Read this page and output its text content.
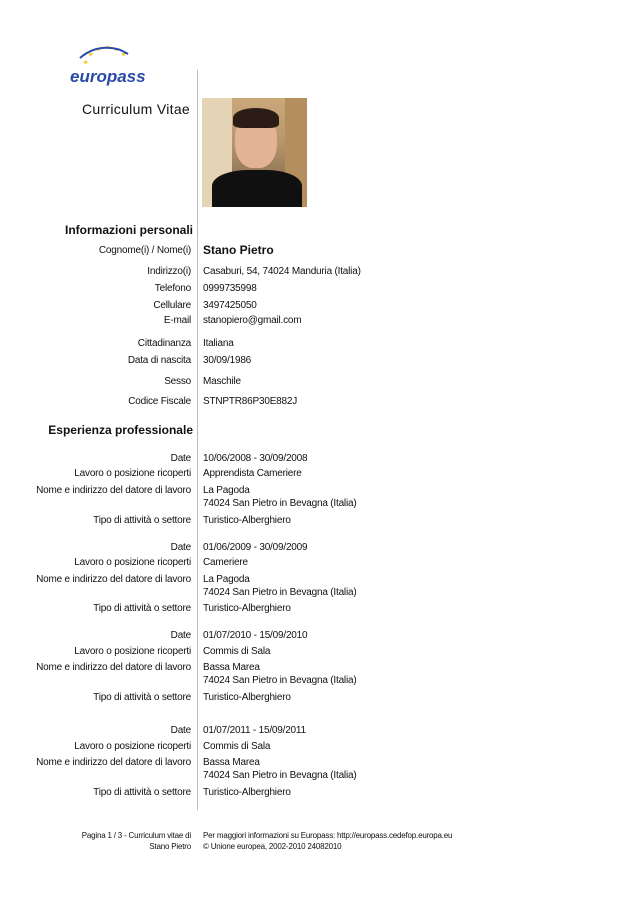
europass
Curriculum Vitae
Informazioni personali
Cognome(i) / Nome(i) Stano Pietro
Indirizzo(i) Casaburi, 54, 74024 Manduria (Italia)
Telefono 0999735998
Cellulare 3497425050
E-mail stanopiero@gmail.com
Cittadinanza Italiana
Data di nascita 30/09/1986
Sesso Maschile
Codice Fiscale STNPTR86P30E882J
Esperienza professionale
Date 10/06/2008 - 30/09/2008
Lavoro o posizione ricoperti Apprendista Cameriere
Nome e indirizzo del datore di lavoro La Pagoda
74024 San Pietro in Bevagna (Italia)
Tipo di attività o settore Turistico-Alberghiero
Date 01/06/2009 - 30/09/2009
Lavoro o posizione ricoperti Cameriere
Nome e indirizzo del datore di lavoro La Pagoda
74024 San Pietro in Bevagna (Italia)
Tipo di attività o settore Turistico-Alberghiero
Date 01/07/2010 - 15/09/2010
Lavoro o posizione ricoperti Commis di Sala
Nome e indirizzo del datore di lavoro Bassa Marea
74024 San Pietro in Bevagna (Italia)
Tipo di attività o settore Turistico-Alberghiero
Date 01/07/2011 - 15/09/2011
Lavoro o posizione ricoperti Commis di Sala
Nome e indirizzo del datore di lavoro Bassa Marea
74024 San Pietro in Bevagna (Italia)
Tipo di attività o settore Turistico-Alberghiero
Pagina 1 / 3 - Curriculum vitae di
Stano Pietro
Per maggiori informazioni su Europass: http://europass.cedefop.europa.eu
© Unione europea, 2002-2010 24082010
